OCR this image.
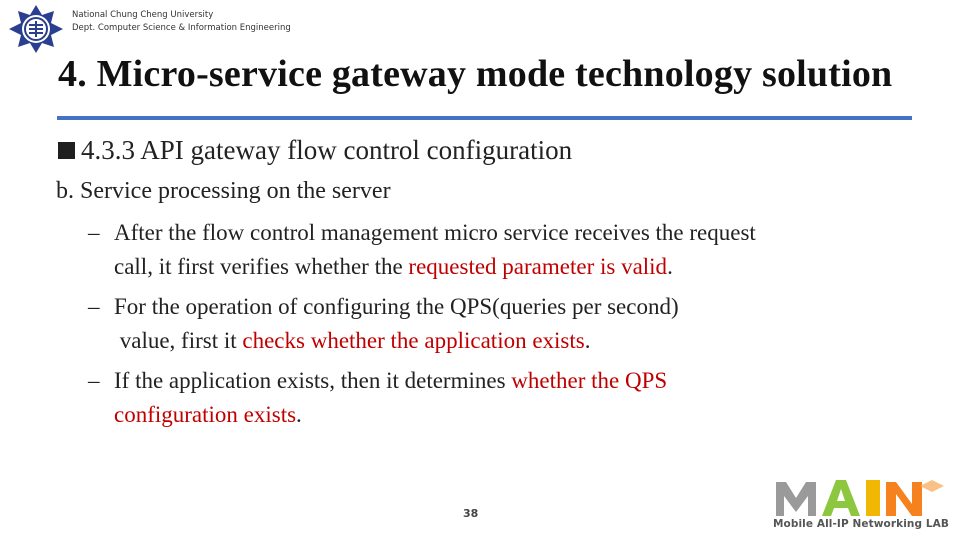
National Chung Cheng University
Dept. Computer Science & Information Engineering
4. Micro-service gateway mode technology solution
4.3.3 API gateway flow control configuration
b. Service processing on the server
– After the flow control management micro service receives the request
call, it first verifies whether the requested parameter is valid.
– For the operation of configuring the QPS(queries per second)
value, first it checks whether the application exists.
– If the application exists, then it determines whether the QPS
configuration exists.
38
Mobile All-IP Networking LAB
